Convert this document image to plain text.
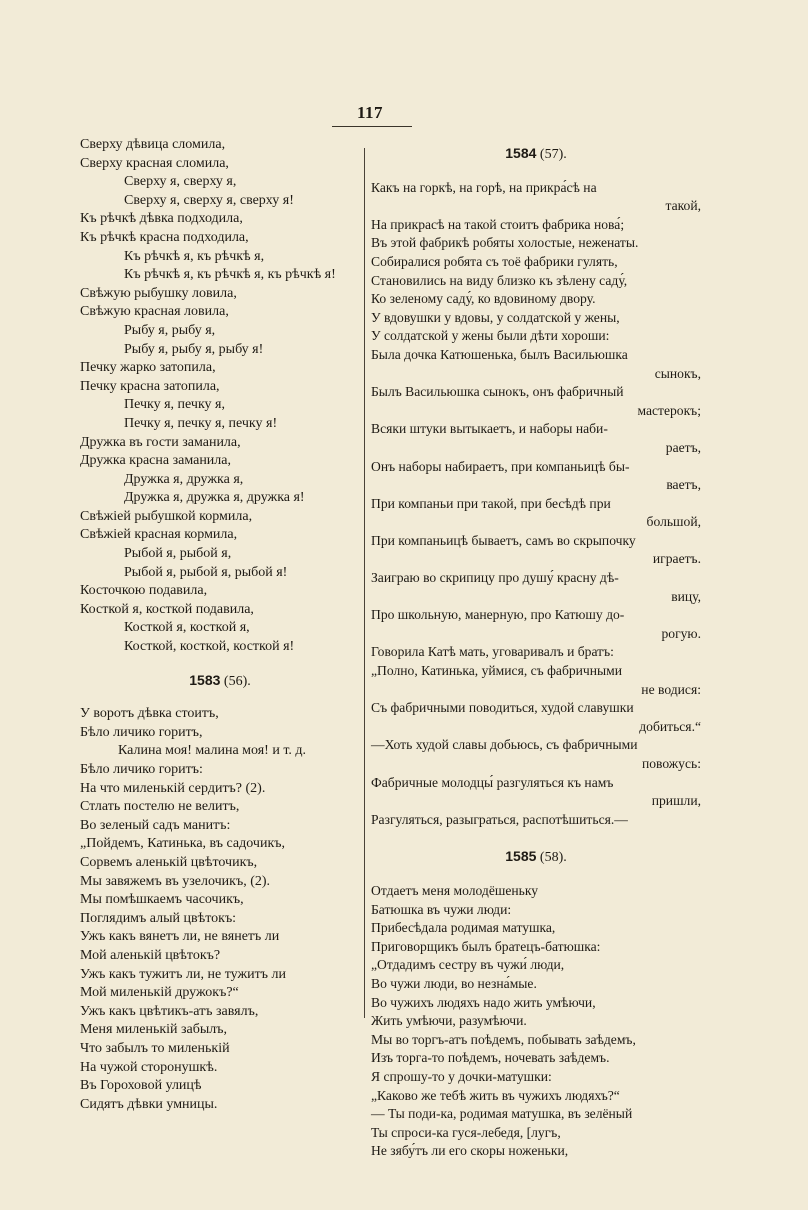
117
Сверху дѣвица сломила,
Сверху красная сломила,
Сверху я, сверху я,
Сверху я, сверху я, сверху я!
Къ рѣчкѣ дѣвка подходила,
Къ рѣчкѣ красна подходила,
Къ рѣчкѣ я, къ рѣчкѣ я,
Къ рѣчкѣ я, къ рѣчкѣ я, къ рѣчкѣ я!
Свѣжую рыбушку ловила,
Свѣжую красная ловила,
Рыбу я, рыбу я,
Рыбу я, рыбу я, рыбу я!
Печку жарко затопила,
Печку красна затопила,
Печку я, печку я,
Печку я, печку я, печку я!
Дружка въ гости заманила,
Дружка красна заманила,
Дружка я, дружка я,
Дружка я, дружка я, дружка я!
Свѣжіей рыбушкой кормила,
Свѣжіей красная кормила,
Рыбой я, рыбой я,
Рыбой я, рыбой я, рыбой я!
Косточкою подавила,
Косткой я, косткой подавила,
Косткой я, косткой я,
Косткой, косткой, косткой я!
1583 (56).
У воротъ дѣвка стоитъ,
Бѣло личико горитъ,
Калина моя! малина моя! и т. д.
Бѣло личико горитъ:
На что миленькій сердитъ? (2).
Стлать постелю не велитъ,
Во зеленый садъ манитъ:
„Пойдемъ, Катинька, въ садочикъ,
Сорвемъ аленькій цвѣточикъ,
Мы завяжемъ въ узелочикъ, (2).
Мы помѣшкаемъ часочикъ,
Поглядимъ алый цвѣтокъ:
Ужъ какъ вянетъ ли, не вянетъ ли
Мой аленькій цвѣтокъ?
Ужъ какъ тужитъ ли, не тужитъ ли
Мой миленькій дружокъ?“
Ужъ какъ цвѣтикъ-атъ завялъ,
Меня миленькій забылъ,
Что забылъ то миленькій
На чужой сторонушкѣ.
Въ Гороховой улицѣ
Сидятъ дѣвки умницы.
1584 (57).
Какъ на горкѣ, на горѣ, на прикра́сѣ на
такой,
На прикрасѣ на такой стоитъ фабрика нова́;
Въ этой фабрикѣ робяты холостые, неженаты.
Собиралися робята съ тоё фабрики гулять,
Становились на виду близко къ зѣлену саду́,
Ко зеленому саду́, ко вдовиному двору.
У вдовушки у вдовы, у солдатской у жены,
У солдатской у жены были дѣти хороши:
Была дочка Катюшенька, былъ Васильюшка
сынокъ,
Былъ Васильюшка сынокъ, онъ фабричный
мастерокъ;
Всяки штуки вытыкаетъ, и наборы наби-
раетъ,
Онъ наборы набираетъ, при компаньицѣ бы-
ваетъ,
При компаньи при такой, при бесѣдѣ при
большой,
При компаньицѣ бываетъ, самъ во скрыпочку
играетъ.
Заиграю во скрипицу про душу́ красну дѣ-
вицу,
Про школьную, манерную, про Катюшу до-
рогую.
Говорила Катѣ мать, уговаривалъ и братъ:
„Полно, Катинька, уймися, съ фабричными
не водися:
Съ фабричными поводиться, худой славушки
добиться.“
—Хоть худой славы добьюсь, съ фабричными
повожусь:
Фабричные молодцы́ разгуляться къ намъ
пришли,
Разгуляться, разыграться, распотѣшиться.—
1585 (58).
Отдаетъ меня молодёшеньку
Батюшка въ чужи люди:
Прибесѣдала родимая матушка,
Приговорщикъ былъ братецъ-батюшка:
„Отдадимъ сестру въ чужи́ люди,
Во чужи люди, во незна́мые.
Во чужихъ людяхъ надо жить умѣючи,
Жить умѣючи, разумѣючи.
Мы во торгъ-атъ поѣдемъ, побывать заѣдемъ,
Изъ торга-то поѣдемъ, ночевать заѣдемъ.
Я спрошу-то у дочки-матушки:
„Каково же тебѣ жить въ чужихъ людяхъ?“
— Ты поди-ка, родимая матушка, въ зелёный
Ты спроси-ка гуся-лебедя, [лугъ,
Не зябу́тъ ли его скоры ноженьки,
